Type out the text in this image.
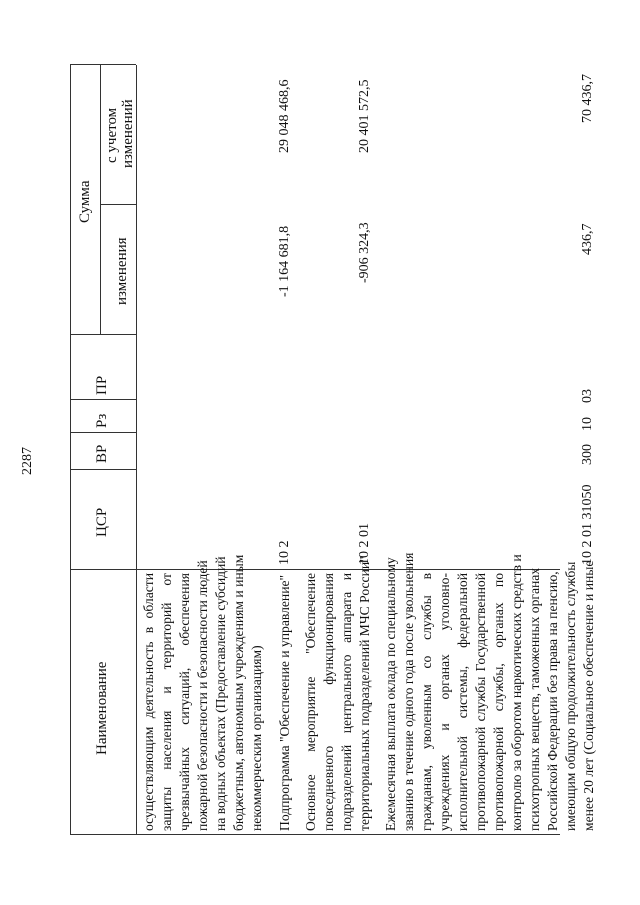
2287
Наименование
ЦСР
ВР
Рз
ПР
Сумма
изменения
с учетом изменений
осуществляющим деятельность в области защиты населения и территорий от чрезвычайных ситуаций, обеспечения пожарной безопасности и безопасности людей на водных объектах (Предоставление субсидий бюджетным, автономным учреждениям и иным некоммерческим организациям) Подпрограмма "Обеспечение и управление"
10 2
-1 164 681,8
29 048 468,6
Основное мероприятие "Обеспечение повседневного функционирования подразделений центрального аппарата и территориальных подразделений МЧС России"
10 2 01
-906 324,3
20 401 572,5
Ежемесячная выплата оклада по специальному званию в течение одного года после увольнения гражданам, уволенным со службы в учреждениях и органах уголовно- исполнительной системы, федеральной противопожарной службы Государственной противопожарной службы, органах по контролю за оборотом наркотических средств и психотропных веществ, таможенных органах Российской Федерации без права на пенсию, имеющим общую продолжительность службы менее 20 лет (Социальное обеспечение и иные
10 2 01 31050
300
10
03
436,7
70 436,7
